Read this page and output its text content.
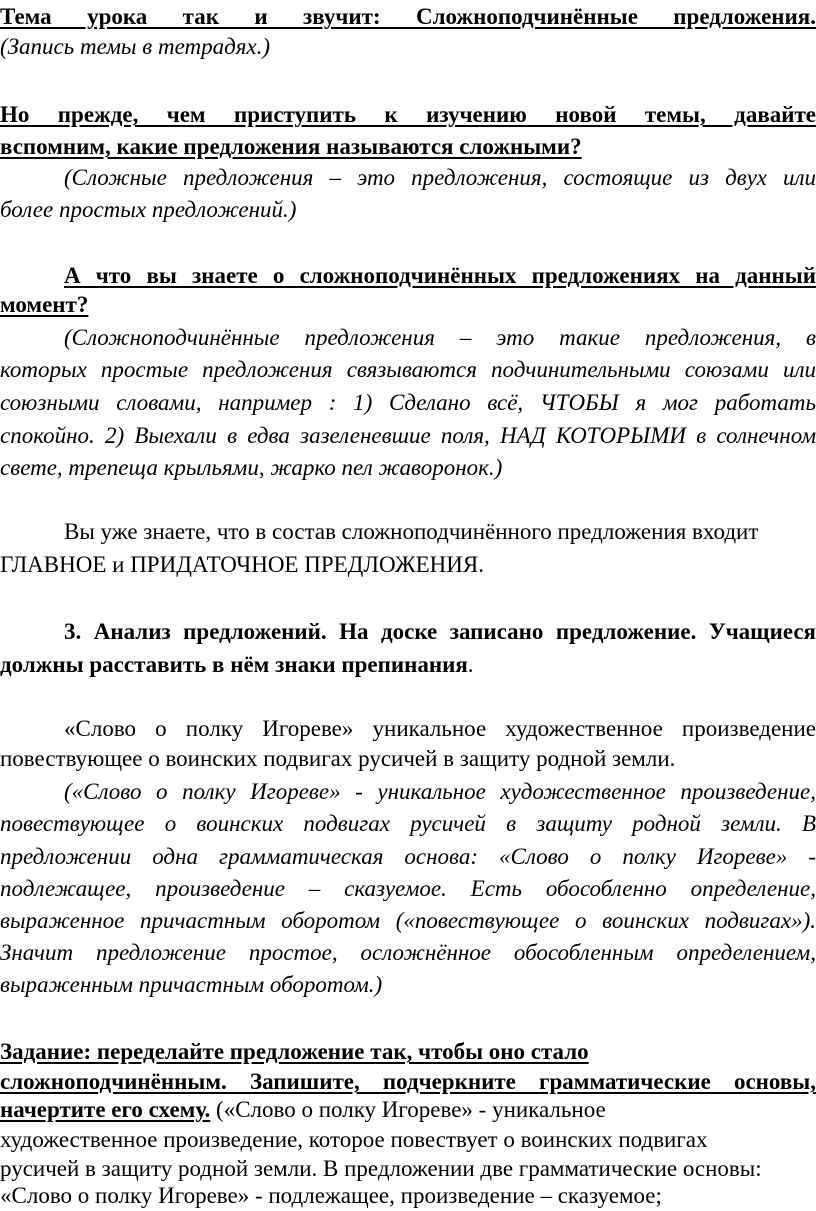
Тема урока так и звучит: Сложноподчинённые предложения.
(Запись темы в тетрадях.)
Но прежде, чем приступить к изучению новой темы, давайте
вспомним, какие предложения называются сложными?
(Сложные предложения – это предложения, состоящие из двух или
более простых предложений.)
А что вы знаете о сложноподчинённых предложениях на данный
момент?
(Сложноподчинённые предложения – это такие предложения, в
которых простые предложения связываются подчинительными союзами или
союзными словами, например : 1) Сделано всё, ЧТОБЫ я мог работать
спокойно. 2) Выехали в едва зазеленевшие поля, НАД КОТОРЫМИ в солнечном
свете, трепеща крыльями, жарко пел жаворонок.)
Вы уже знаете, что в состав сложноподчинённого предложения входит
ГЛАВНОЕ и ПРИДАТОЧНОЕ ПРЕДЛОЖЕНИЯ.
3. Анализ предложений. На доске записано предложение. Учащиеся
должны расставить в нём знаки препинания.
«Слово о полку Игореве» уникальное художественное произведение
повествующее о воинских подвигах русичей в защиту родной земли.
(«Слово о полку Игореве» - уникальное художественное произведение,
повествующее о воинских подвигах русичей в защиту родной земли. В
предложении одна грамматическая основа: «Слово о полку Игореве» -
подлежащее, произведение – сказуемое. Есть обособленно определение,
выраженное причастным оборотом («повествующее о воинских подвигах»).
Значит предложение простое, осложнённое обособленным определением,
выраженным причастным оборотом.)
Задание: переделайте предложение так, чтобы оно стало
сложноподчинённым. Запишите, подчеркните грамматические основы,
начертите его схему. («Слово о полку Игореве» - уникальное
художественное произведение, которое повествует о воинских подвигах
русичей в защиту родной земли. В предложении две грамматические основы:
«Слово о полку Игореве» - подлежащее, произведение – сказуемое;
